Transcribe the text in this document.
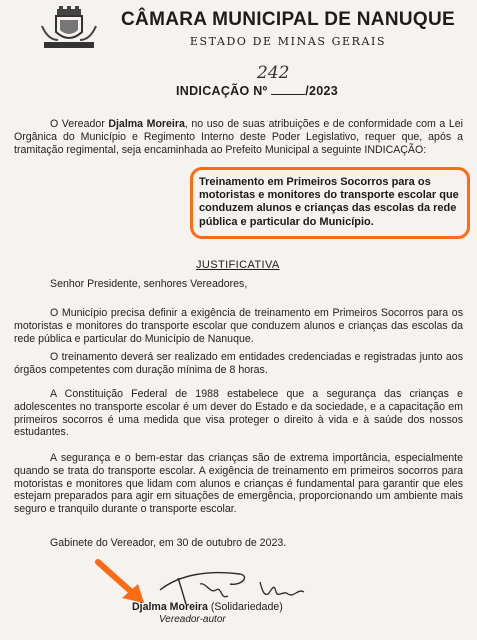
CÂMARA MUNICIPAL DE NANUQUE
ESTADO DE MINAS GERAIS
242
INDICAÇÃO Nº	/2023

O Vereador Djalma Moreira, no uso de suas atribuições e de conformidade com a Lei Orgânica do Município e Regimento Interno deste Poder Legislativo, requer que, após a tramitação regimental, seja encaminhada ao Prefeito Municipal a seguinte INDICAÇÃO:

Treinamento em Primeiros Socorros para os motoristas e monitores do transporte escolar que conduzem alunos e crianças das escolas da rede pública e particular do Município.
JUSTIFICATIVA

Senhor Presidente, senhores Vereadores,

O Município precisa definir a exigência de treinamento em Primeiros Socorros para os motoristas e monitores do transporte escolar que conduzem alunos e crianças das escolas da rede pública e particular do Município de Nanuque.

O treinamento deverá ser realizado em entidades credenciadas e registradas junto aos órgãos competentes com duração mínima de 8 horas.

A Constituição Federal de 1988 estabelece que a segurança das crianças e adolescentes no transporte escolar é um dever do Estado e da sociedade, e a capacitação em primeiros socorros é uma medida que visa proteger o direito à vida e à saúde dos nossos estudantes.

A segurança e o bem-estar das crianças são de extrema importância, especialmente quando se trata do transporte escolar. A exigência de treinamento em primeiros socorros para motoristas e monitores que lidam com alunos e crianças é fundamental para garantir que eles estejam preparados para agir em situações de emergência, proporcionando um ambiente mais seguro e tranquilo durante o transporte escolar.

Gabinete do Vereador, em 30 de outubro de 2023.

Djalma Moreira (Solidariedade)
Vereador-autor
